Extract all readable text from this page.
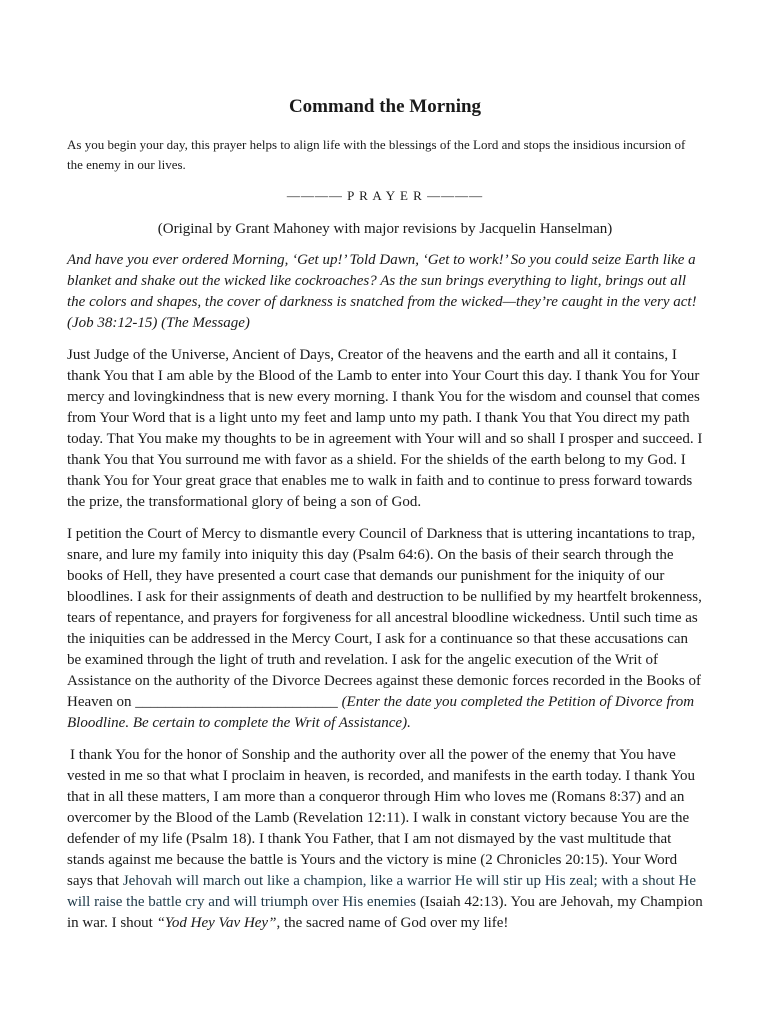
Command the Morning

As you begin your day, this prayer helps to align life with the blessings of the Lord and stops the insidious incursion of the enemy in our lives.

———— P R A Y E R ————
(Original by Grant Mahoney with major revisions by Jacquelin Hanselman)

And have you ever ordered Morning, ‘Get up!’ Told Dawn, ‘Get to work!’ So you could seize Earth like a blanket and shake out the wicked like cockroaches? As the sun brings everything to light, brings out all the colors and shapes, the cover of darkness is snatched from the wicked—they’re caught in the very act! (Job 38:12-15) (The Message)

Just Judge of the Universe, Ancient of Days, Creator of the heavens and the earth and all it contains, I thank You that I am able by the Blood of the Lamb to enter into Your Court this day. I thank You for Your mercy and lovingkindness that is new every morning. I thank You for the wisdom and counsel that comes from Your Word that is a light unto my feet and lamp unto my path. I thank You that You direct my path today. That You make my thoughts to be in agreement with Your will and so shall I prosper and succeed. I thank You that You surround me with favor as a shield. For the shields of the earth belong to my God. I thank You for Your great grace that enables me to walk in faith and to continue to press forward towards the prize, the transformational glory of being a son of God.

I petition the Court of Mercy to dismantle every Council of Darkness that is uttering incantations to trap, snare, and lure my family into iniquity this day (Psalm 64:6). On the basis of their search through the books of Hell, they have presented a court case that demands our punishment for the iniquity of our bloodlines. I ask for their assignments of death and destruction to be nullified by my heartfelt brokenness, tears of repentance, and prayers for forgiveness for all ancestral bloodline wickedness. Until such time as the iniquities can be addressed in the Mercy Court, I ask for a continuance so that these accusations can be examined through the light of truth and revelation. I ask for the angelic execution of the Writ of Assistance on the authority of the Divorce Decrees against these demonic forces recorded in the Books of Heaven on ___________________________ (Enter the date you completed the Petition of Divorce from Bloodline. Be certain to complete the Writ of Assistance).

I thank You for the honor of Sonship and the authority over all the power of the enemy that You have vested in me so that what I proclaim in heaven, is recorded, and manifests in the earth today. I thank You that in all these matters, I am more than a conqueror through Him who loves me (Romans 8:37) and an overcomer by the Blood of the Lamb (Revelation 12:11). I walk in constant victory because You are the defender of my life (Psalm 18). I thank You Father, that I am not dismayed by the vast multitude that stands against me because the battle is Yours and the victory is mine (2 Chronicles 20:15). Your Word says that Jehovah will march out like a champion, like a warrior He will stir up His zeal; with a shout He will raise the battle cry and will triumph over His enemies (Isaiah 42:13). You are Jehovah, my Champion in war. I shout “Yod Hey Vav Hey”, the sacred name of God over my life!
